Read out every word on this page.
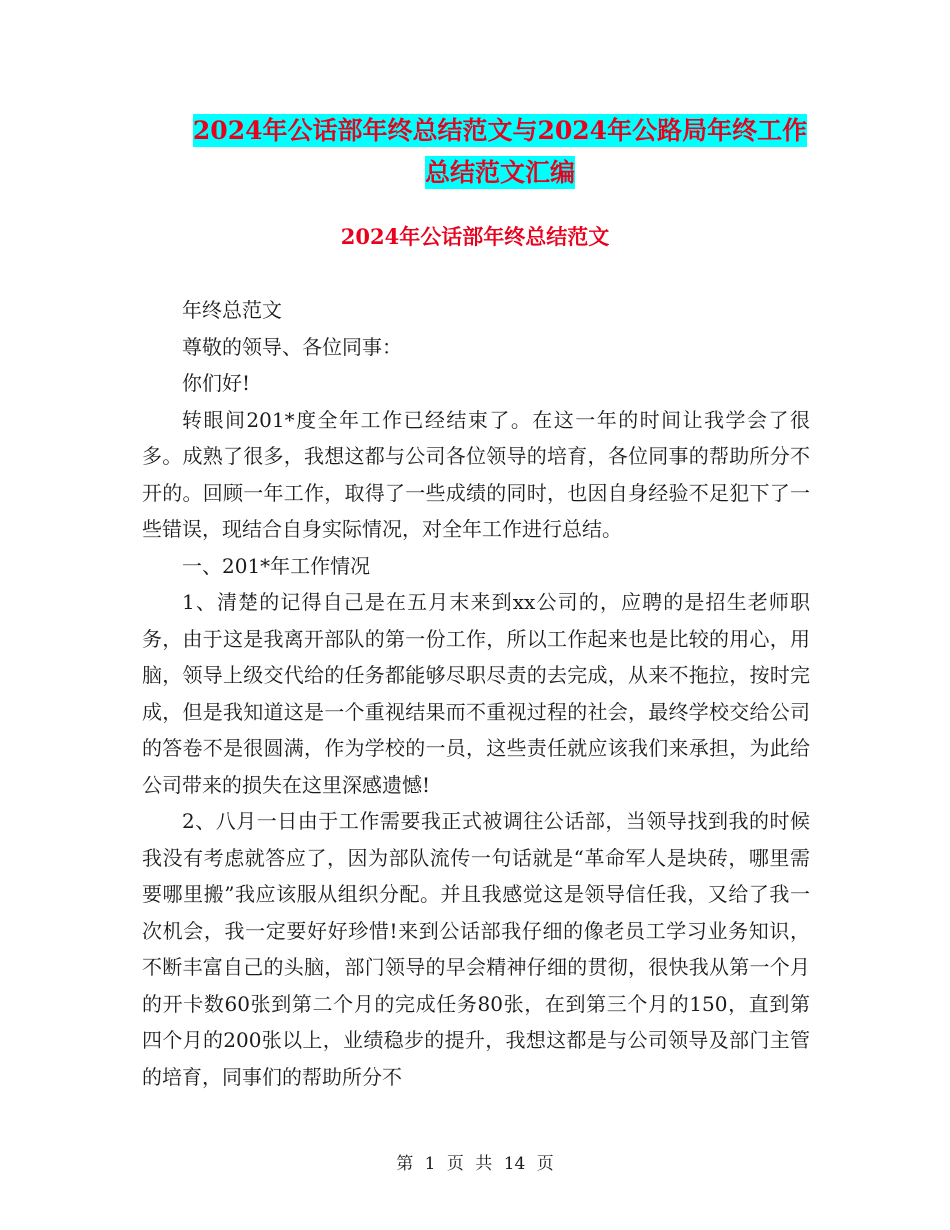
2024年公话部年终总结范文与2024年公路局年终工作
总结范文汇编
2024年公话部年终总结范文

年终总范文

尊敬的领导、各位同事：

你们好!

转眼间201*度全年工作已经结束了。在这一年的时间让我学会了很多。成熟了很多，我想这都与公司各位领导的培育，各位同事的帮助所分不开的。回顾一年工作，取得了一些成绩的同时，也因自身经验不足犯下了一些错误，现结合自身实际情况，对全年工作进行总结。

一、201*年工作情况

1、清楚的记得自己是在五月末来到xx公司的，应聘的是招生老师职务，由于这是我离开部队的第一份工作，所以工作起来也是比较的用心，用脑，领导上级交代给的任务都能够尽职尽责的去完成，从来不拖拉，按时完成，但是我知道这是一个重视结果而不重视过程的社会，最终学校交给公司的答卷不是很圆满，作为学校的一员，这些责任就应该我们来承担，为此给公司带来的损失在这里深感遗憾!

2、八月一日由于工作需要我正式被调往公话部，当领导找到我的时候我没有考虑就答应了，因为部队流传一句话就是“革命军人是块砖，哪里需要哪里搬”我应该服从组织分配。并且我感觉这是领导信任我，又给了我一次机会，我一定要好好珍惜!来到公话部我仔细的像老员工学习业务知识，不断丰富自己的头脑，部门领导的早会精神仔细的贯彻，很快我从第一个月的开卡数60张到第二个月的完成任务80张，在到第三个月的150，直到第四个月的200张以上，业绩稳步的提升，我想这都是与公司领导及部门主管的培育，同事们的帮助所分不

第 1 页 共 14 页
